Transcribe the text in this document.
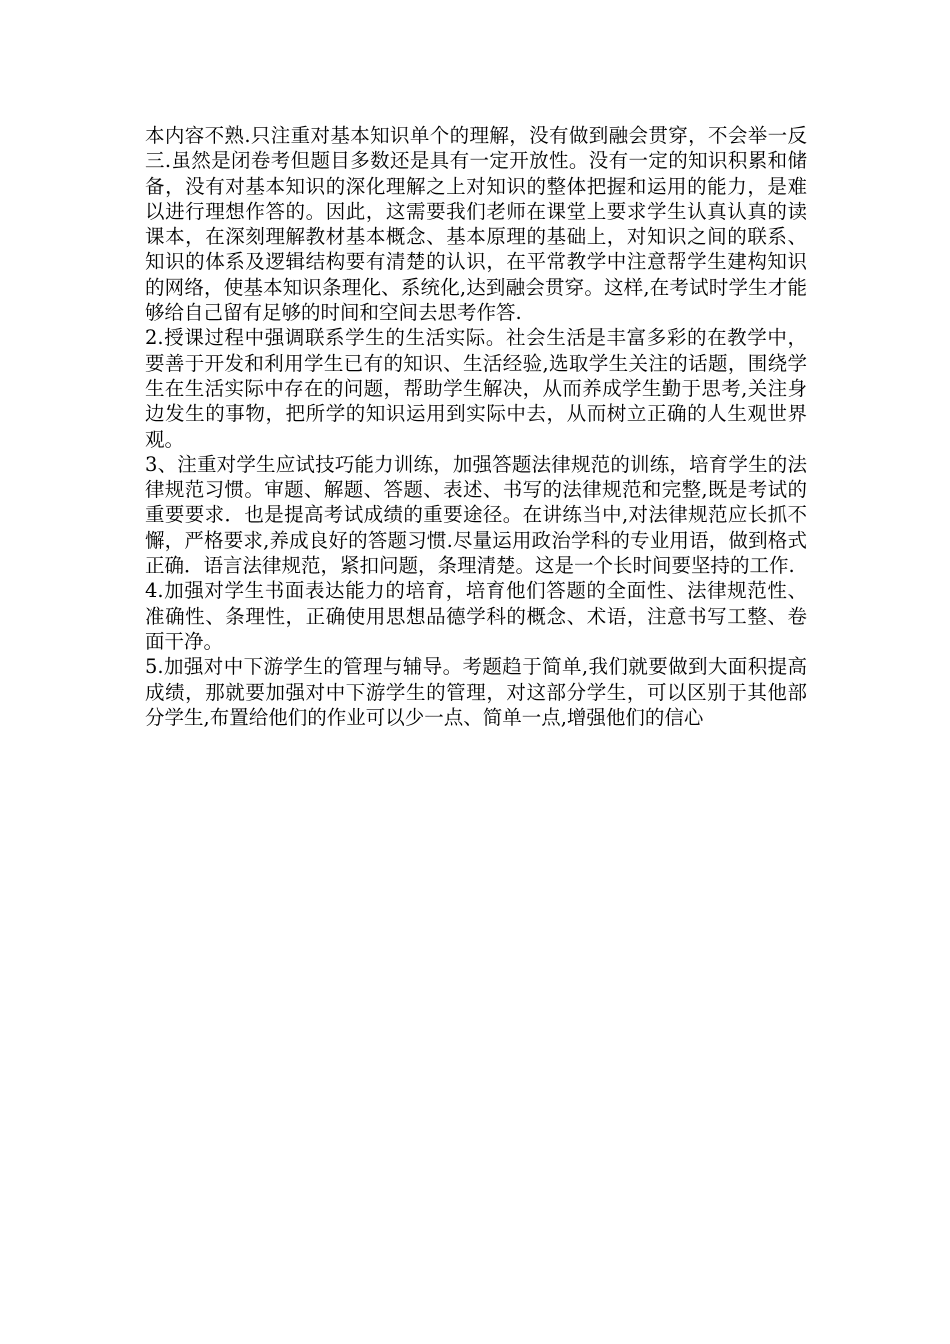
本内容不熟.只注重对基本知识单个的理解，没有做到融会贯穿，不会举一反三.虽然是闭卷考但题目多数还是具有一定开放性。没有一定的知识积累和储备，没有对基本知识的深化理解之上对知识的整体把握和运用的能力，是难以进行理想作答的。因此，这需要我们老师在课堂上要求学生认真认真的读课本，在深刻理解教材基本概念、基本原理的基础上，对知识之间的联系、知识的体系及逻辑结构要有清楚的认识，在平常教学中注意帮学生建构知识的网络，使基本知识条理化、系统化,达到融会贯穿。这样,在考试时学生才能够给自己留有足够的时间和空间去思考作答.

2.授课过程中强调联系学生的生活实际。社会生活是丰富多彩的在教学中，要善于开发和利用学生已有的知识、生活经验,选取学生关注的话题，围绕学生在生活实际中存在的问题，帮助学生解决，从而养成学生勤于思考,关注身边发生的事物，把所学的知识运用到实际中去，从而树立正确的人生观世界观。

3、注重对学生应试技巧能力训练，加强答题法律规范的训练，培育学生的法律规范习惯。审题、解题、答题、表述、书写的法律规范和完整,既是考试的重要要求．也是提高考试成绩的重要途径。在讲练当中,对法律规范应长抓不懈，严格要求,养成良好的答题习惯.尽量运用政治学科的专业用语，做到格式正确．语言法律规范，紧扣问题，条理清楚。这是一个长时间要坚持的工作.

4.加强对学生书面表达能力的培育，培育他们答题的全面性、法律规范性、准确性、条理性，正确使用思想品德学科的概念、术语，注意书写工整、卷面干净。

5.加强对中下游学生的管理与辅导。考题趋于简单,我们就要做到大面积提高成绩，那就要加强对中下游学生的管理，对这部分学生，可以区别于其他部分学生,布置给他们的作业可以少一点、简单一点,增强他们的信心
